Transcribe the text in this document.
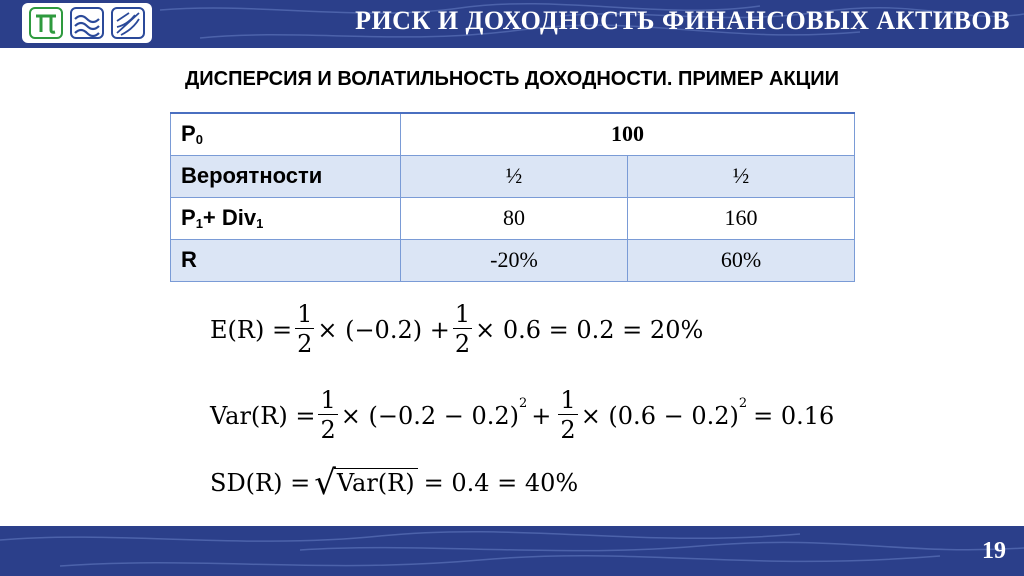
РИСК И ДОХОДНОСТЬ ФИНАНСОВЫХ АКТИВОВ
ДИСПЕРСИЯ И ВОЛАТИЛЬНОСТЬ ДОХОДНОСТИ. ПРИМЕР АКЦИИ
$P_0$	100	
Вероятности	½	½
$P_1+ Div_1$	80	160
R	-20%	60%
$E(R) = \frac{1}{2} \times (-0.2) + \frac{1}{2} \times 0.6 = 0.2 = 20\%$
$Var(R) = \frac{1}{2} \times (-0.2 - 0.2) 2 + \frac{1}{2} \times (0.6 - 0.2) 2 = 0.16$
SD(R) = √ Var(R) = 0.4 = 40%
19
